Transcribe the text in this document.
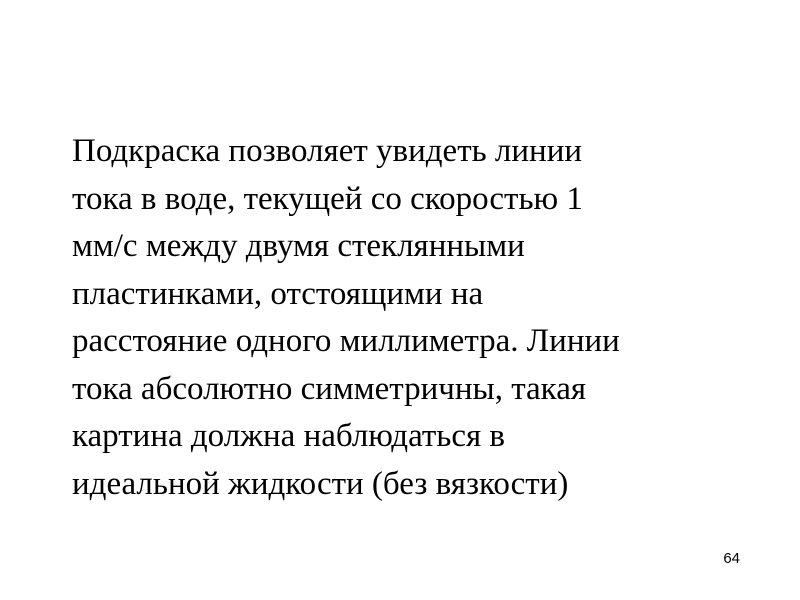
Подкраска позволяет увидеть линии
тока в воде, текущей со скоростью 1
мм/с между двумя стеклянными
пластинками, отстоящими на
расстояние одного миллиметра. Линии
тока абсолютно симметричны, такая
картина должна наблюдаться в
идеальной жидкости (без вязкости)

64
